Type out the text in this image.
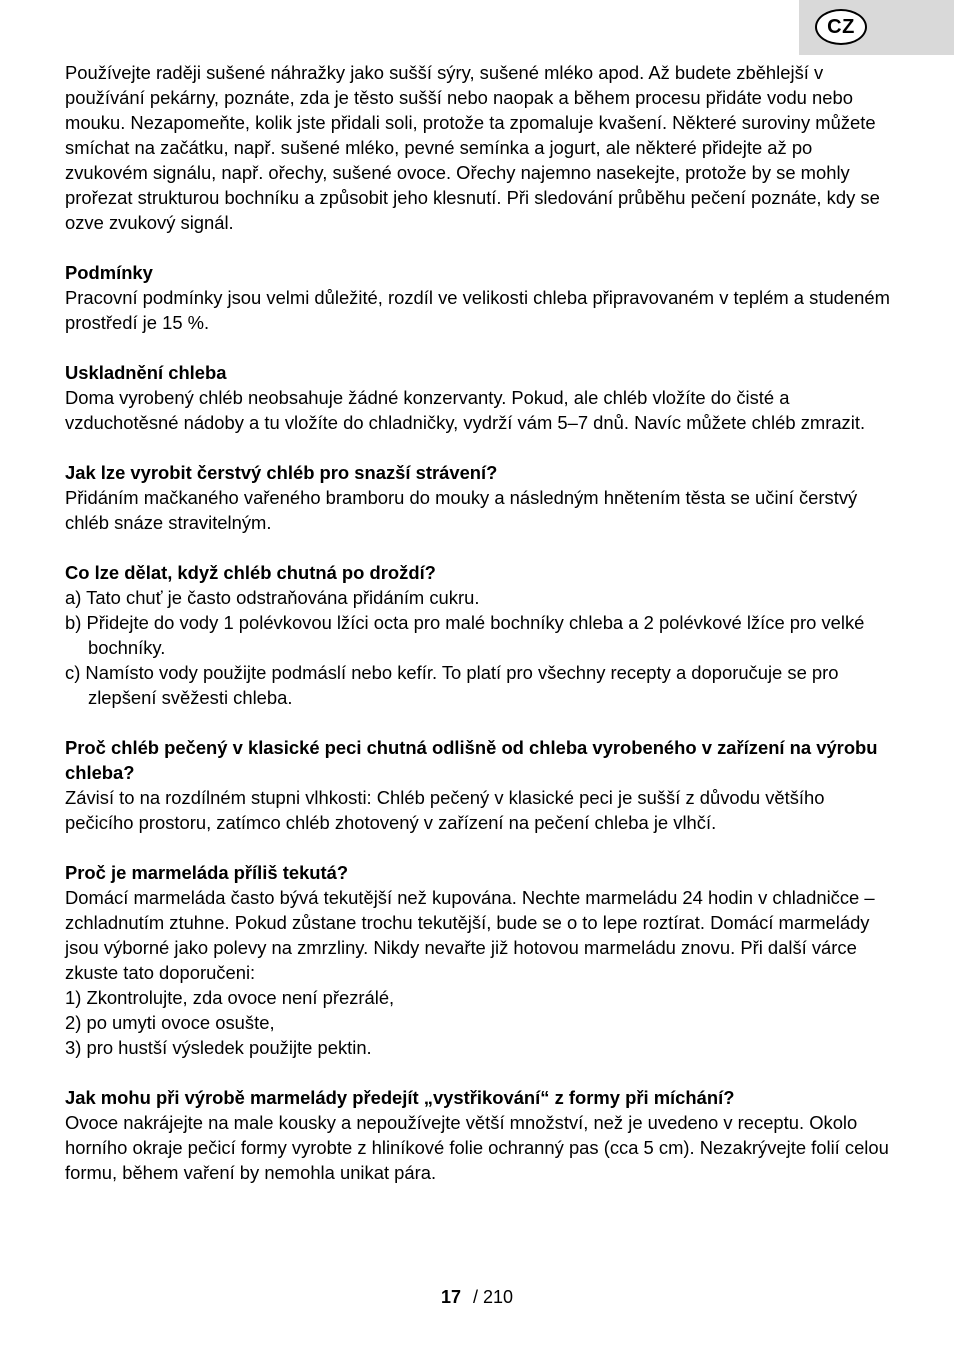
CZ

Používejte raději sušené náhražky jako sušší sýry, sušené mléko apod. Až budete zběhlejší v používání pekárny, poznáte, zda je těsto sušší nebo naopak a během procesu přidáte vodu nebo mouku. Nezapomeňte, kolik jste přidali soli, protože ta zpomaluje kvašení. Některé suroviny můžete smíchat na začátku, např. sušené mléko, pevné semínka a jogurt, ale některé přidejte až po zvukovém signálu, např. ořechy, sušené ovoce. Ořechy najemno nasekejte, protože by se mohly prořezat strukturou bochníku a způsobit jeho klesnutí. Při sledování průběhu pečení poznáte, kdy se ozve zvukový signál.

Podmínky

Pracovní podmínky jsou velmi důležité, rozdíl ve velikosti chleba připravovaném v teplém a studeném prostředí je 15 %.

Uskladnění chleba

Doma vyrobený chléb neobsahuje žádné konzervanty. Pokud, ale chléb vložíte do čisté a vzduchotěsné nádoby a tu vložíte do chladničky, vydrží vám 5–7 dnů. Navíc můžete chléb zmrazit.

Jak lze vyrobit čerstvý chléb pro snazší strávení?

Přidáním mačkaného vařeného bramboru do mouky a následným hnětením těsta se učiní čerstvý chléb snáze stravitelným.

Co lze dělat, když chléb chutná po droždí?

a) Tato chuť je často odstraňována přidáním cukru.

b) Přidejte do vody 1 polévkovou lžíci octa pro malé bochníky chleba a 2 polévkové lžíce pro velké bochníky.

c) Namísto vody použijte podmáslí nebo kefír. To platí pro všechny recepty a doporučuje se pro zlepšení svěžesti chleba.

Proč chléb pečený v klasické peci chutná odlišně od chleba vyrobeného v zařízení na výrobu chleba?

Závisí to na rozdílném stupni vlhkosti: Chléb pečený v klasické peci je sušší z důvodu většího pečicího prostoru, zatímco chléb zhotovený v zařízení na pečení chleba je vlhčí.

Proč je marmeláda příliš tekutá?

Domácí marmeláda často bývá tekutější než kupována. Nechte marmeládu 24 hodin v chladničce – zchladnutím ztuhne. Pokud zůstane trochu tekutější, bude se o to lepe roztírat. Domácí marmelády jsou výborné jako polevy na zmrzliny. Nikdy nevařte již hotovou marmeládu znovu. Při další várce zkuste tato doporučeni:

1) Zkontrolujte, zda ovoce není přezrálé,

2) po umyti ovoce osušte,

3) pro hustší výsledek použijte pektin.

Jak mohu při výrobě marmelády předejít „vystřikování“ z formy při míchání?

Ovoce nakrájejte na male kousky a nepoužívejte větší množství, než je uvedeno v receptu. Okolo horního okraje pečicí formy vyrobte z hliníkové folie ochranný pas (cca 5 cm). Nezakrývejte folií celou formu, během vaření by nemohla unikat pára.

17 / 210
